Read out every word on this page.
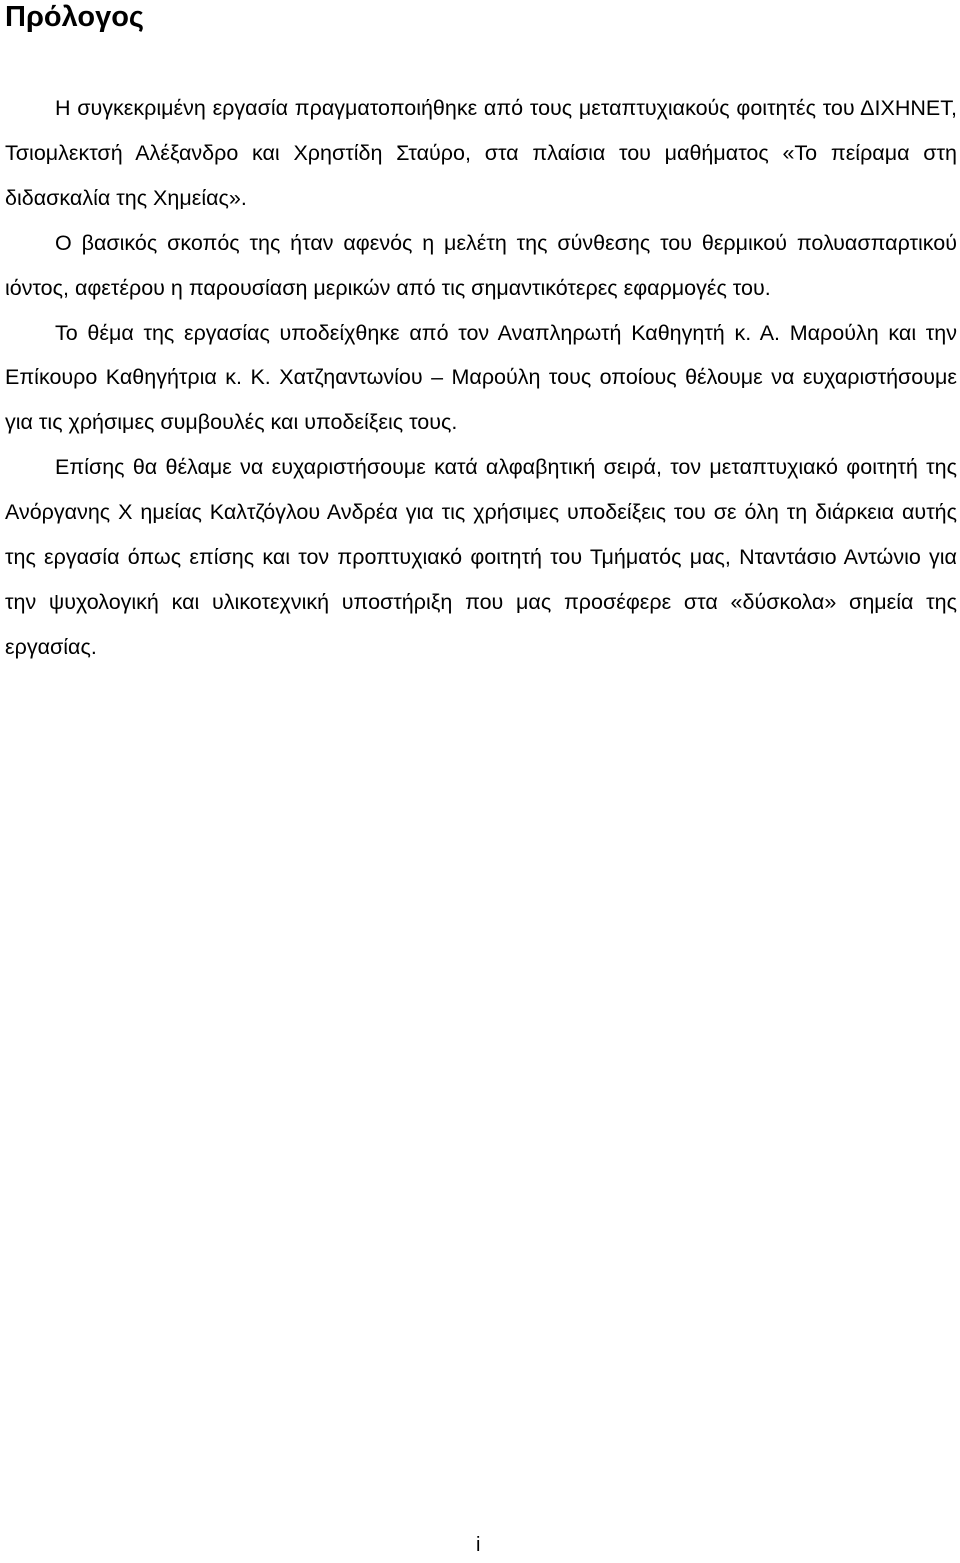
Πρόλογος

Η συγκεκριμένη εργασία πραγματοποιήθηκε από τους μεταπτυχιακούς φοιτητές του ΔΙΧΗΝΕΤ, Τσιομλεκτσή Αλέξανδρο και Χρηστίδη Σταύρο, στα πλαίσια του μαθήματος «Το πείραμα στη διδασκαλία της Χημείας».

Ο βασικός σκοπός της ήταν αφενός η μελέτη της σύνθεσης του θερμικού πολυασπαρτικού ιόντος, αφετέρου η παρουσίαση μερικών από τις σημαντικότερες εφαρμογές του.

Το θέμα της εργασίας υποδείχθηκε από τον Αναπληρωτή Καθηγητή κ. Α. Μαρούλη και την Επίκουρο Καθηγήτρια κ. Κ. Χατζηαντωνίου – Μαρούλη τους οποίους θέλουμε να ευχαριστήσουμε για τις χρήσιμες συμβουλές και υποδείξεις τους.

Επίσης θα θέλαμε να ευχαριστήσουμε κατά αλφαβητική σειρά, τον μεταπτυχιακό φοιτητή της Ανόργανης Χ ημείας Καλτζόγλου Ανδρέα για τις χρήσιμες υποδείξεις του σε όλη τη διάρκεια αυτής της εργασία όπως επίσης και τον προπτυχιακό φοιτητή του Τμήματός μας, Νταντάσιο Αντώνιο για την ψυχολογική και υλικοτεχνική υποστήριξη που μας προσέφερε στα «δύσκολα» σημεία της εργασίας.

i
